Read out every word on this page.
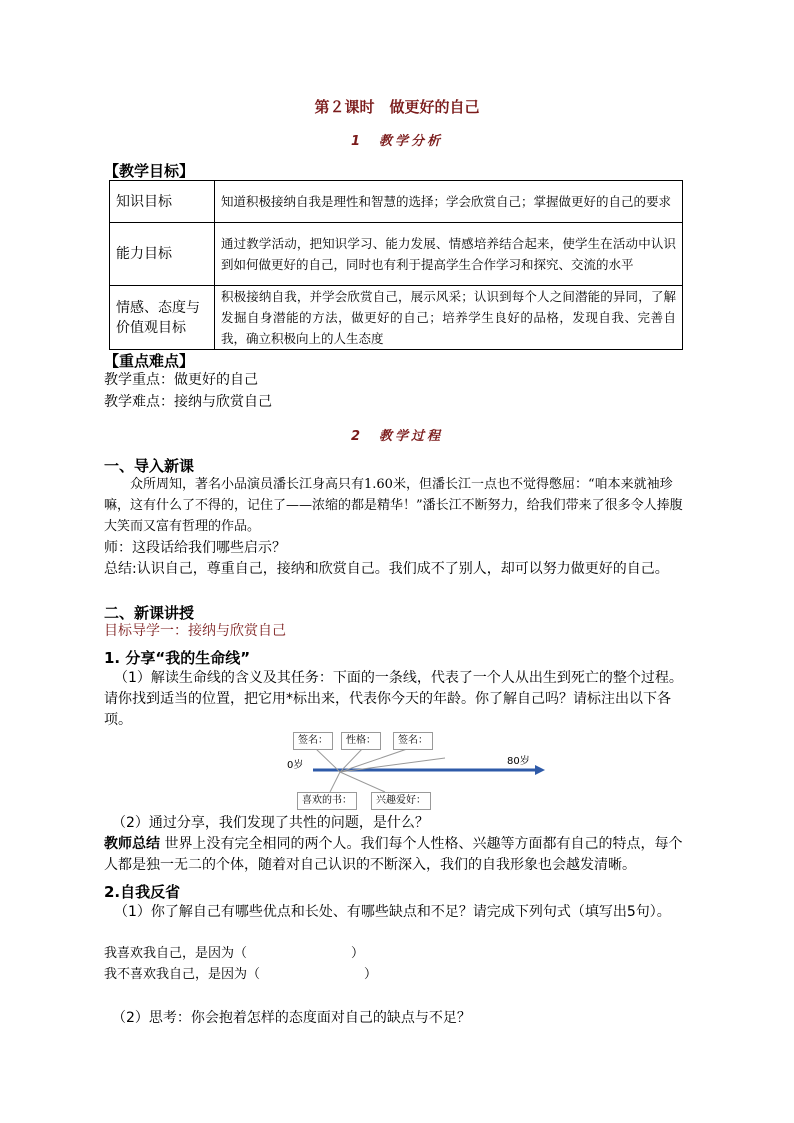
第２课时　做更好的自己
1　教学分析
【教学目标】
知识目标	知道积极接纳自我是理性和智慧的选择；学会欣赏自己；掌握做更好的自己的要求
能力目标	通过教学活动，把知识学习、能力发展、情感培养结合起来，使学生在活动中认识到如何做更好的自己，同时也有利于提高学生合作学习和探究、交流的水平
情感、态度与价值观目标	积极接纳自我，并学会欣赏自己，展示风采；认识到每个人之间潜能的异同，了解发掘自身潜能的方法，做更好的自己；培养学生良好的品格，发现自我、完善自我，确立积极向上的人生态度
【重点难点】
教学重点：做更好的自己
教学难点：接纳与欣赏自己
2　教学过程
一、导入新课
众所周知，著名小品演员潘长江身高只有1.60米，但潘长江一点也不觉得憋屈：“咱本来就袖珍嘛，这有什么了不得的，记住了——浓缩的都是精华！”潘长江不断努力，给我们带来了很多令人捧腹大笑而又富有哲理的作品。
师：这段话给我们哪些启示？
总结:认识自己，尊重自己，接纳和欣赏自己。我们成不了别人，却可以努力做更好的自己。
二、新课讲授
目标导学一：接纳与欣赏自己
1. 分享“我的生命线”
（1）解读生命线的含义及其任务：下面的一条线，代表了一个人从出生到死亡的整个过程。请你找到适当的位置，把它用*标出来，代表你今天的年龄。你了解自己吗？请标注出以下各项。
签名：	性格：	签名：
喜欢的书：	兴趣爱好：
0岁	80岁
（2）通过分享，我们发现了共性的问题，是什么？
教师总结 世界上没有完全相同的两个人。我们每个人性格、兴趣等方面都有自己的特点，每个人都是独一无二的个体，随着对自己认识的不断深入，我们的自我形象也会越发清晰。
2.自我反省
（1）你了解自己有哪些优点和长处、有哪些缺点和不足？请完成下列句式（填写出5句）。
我喜欢我自己，是因为（　　　　　　　　）
我不喜欢我自己，是因为（　　　　　　　　）
（2）思考：你会抱着怎样的态度面对自己的缺点与不足？
